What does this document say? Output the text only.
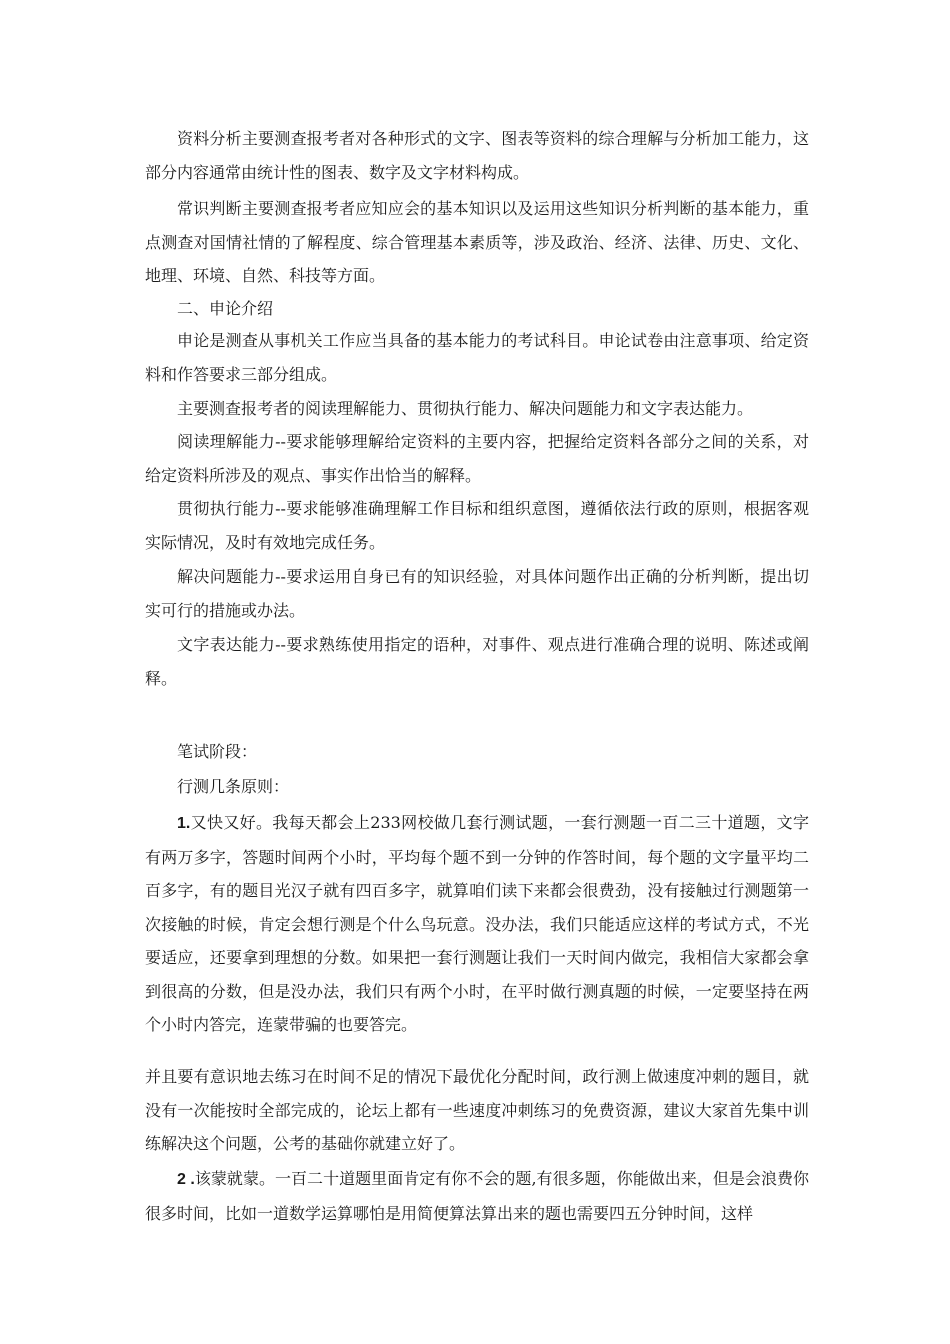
资料分析主要测查报考者对各种形式的文字、图表等资料的综合理解与分析加工能力，这部分内容通常由统计性的图表、数字及文字材料构成。

常识判断主要测查报考者应知应会的基本知识以及运用这些知识分析判断的基本能力，重点测查对国情社情的了解程度、综合管理基本素质等，涉及政治、经济、法律、历史、文化、地理、环境、自然、科技等方面。

二、申论介绍

申论是测查从事机关工作应当具备的基本能力的考试科目。申论试卷由注意事项、给定资料和作答要求三部分组成。

主要测查报考者的阅读理解能力、贯彻执行能力、解决问题能力和文字表达能力。

阅读理解能力--要求能够理解给定资料的主要内容，把握给定资料各部分之间的关系，对给定资料所涉及的观点、事实作出恰当的解释。

贯彻执行能力--要求能够准确理解工作目标和组织意图，遵循依法行政的原则，根据客观实际情况，及时有效地完成任务。

解决问题能力--要求运用自身已有的知识经验，对具体问题作出正确的分析判断，提出切实可行的措施或办法。

文字表达能力--要求熟练使用指定的语种，对事件、观点进行准确合理的说明、陈述或阐释。

笔试阶段：

行测几条原则：

1.又快又好。我每天都会上233网校做几套行测试题，一套行测题一百二三十道题，文字有两万多字，答题时间两个小时，平均每个题不到一分钟的作答时间，每个题的文字量平均二百多字，有的题目光汉子就有四百多字，就算咱们读下来都会很费劲，没有接触过行测题第一次接触的时候，肯定会想行测是个什么鸟玩意。没办法，我们只能适应这样的考试方式，不光要适应，还要拿到理想的分数。如果把一套行测题让我们一天时间内做完，我相信大家都会拿到很高的分数，但是没办法，我们只有两个小时，在平时做行测真题的时候，一定要坚持在两个小时内答完，连蒙带骗的也要答完。

并且要有意识地去练习在时间不足的情况下最优化分配时间，政行测上做速度冲刺的题目，就没有一次能按时全部完成的，论坛上都有一些速度冲刺练习的免费资源，建议大家首先集中训练解决这个问题，公考的基础你就建立好了。

2 .该蒙就蒙。一百二十道题里面肯定有你不会的题,有很多题，你能做出来，但是会浪费你很多时间，比如一道数学运算哪怕是用简便算法算出来的题也需要四五分钟时间，这样
